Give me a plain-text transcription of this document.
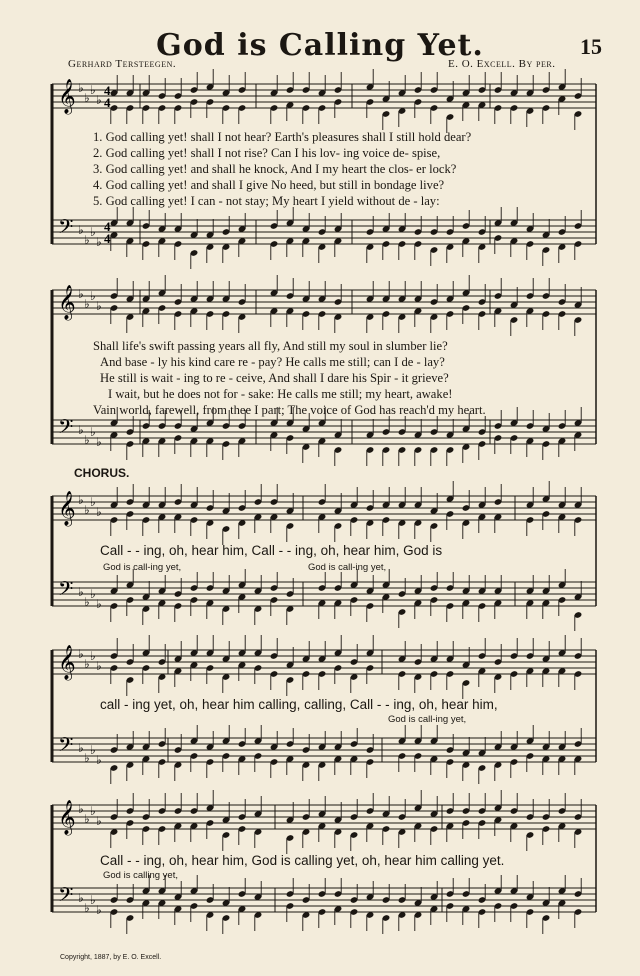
God is Calling Yet.	15
Gerhard Tersteegen.	E. O. Excell. By per.
𝄞
𝄢
♭
♭
♭
♭
♭
♭
♭
♭
𝄞
𝄢
♭
♭
♭
♭
♭
♭
♭
♭
𝄞
𝄢
♭
♭
♭
♭
♭
♭
♭
♭
𝄞
𝄢
♭
♭
♭
♭
♭
♭
♭
♭
𝄞
𝄢
♭
♭
♭
♭
♭
♭
♭
♭
4
4
4
4
1. God calling yet! shall I not hear? Earth's pleasures shall I still hold dear?
2. God calling yet! shall I not rise? Can I his lov- ing voice de- spise,
3. God calling yet! and shall he knock, And I my heart the clos- er lock?
4. God calling yet! and shall I give No heed, but still in bondage live?
5. God calling yet! I can - not stay; My heart I yield without de - lay:
Shall life's swift passing years all fly, And still my soul in slumber lie?
And base - ly his kind care re - pay? He calls me still; can I de - lay?
He still is wait - ing to re - ceive, And shall I dare his Spir - it grieve?
I wait, but he does not for - sake: He calls me still; my heart, awake!
Vain world, farewell, from thee I part; The voice of God has reach'd my heart.
CHORUS.
Call - - ing, oh, hear him, Call - - ing, oh, hear him, God is
God is call-ing yet,	God is call-ing yet,
call - ing yet, oh, hear him calling, calling, Call - - ing, oh, hear him,
God is call-ing yet,
Call - - ing, oh, hear him, God is calling yet, oh, hear him calling yet.
God is calling yet,
Copyright, 1887, by E. O. Excell.
